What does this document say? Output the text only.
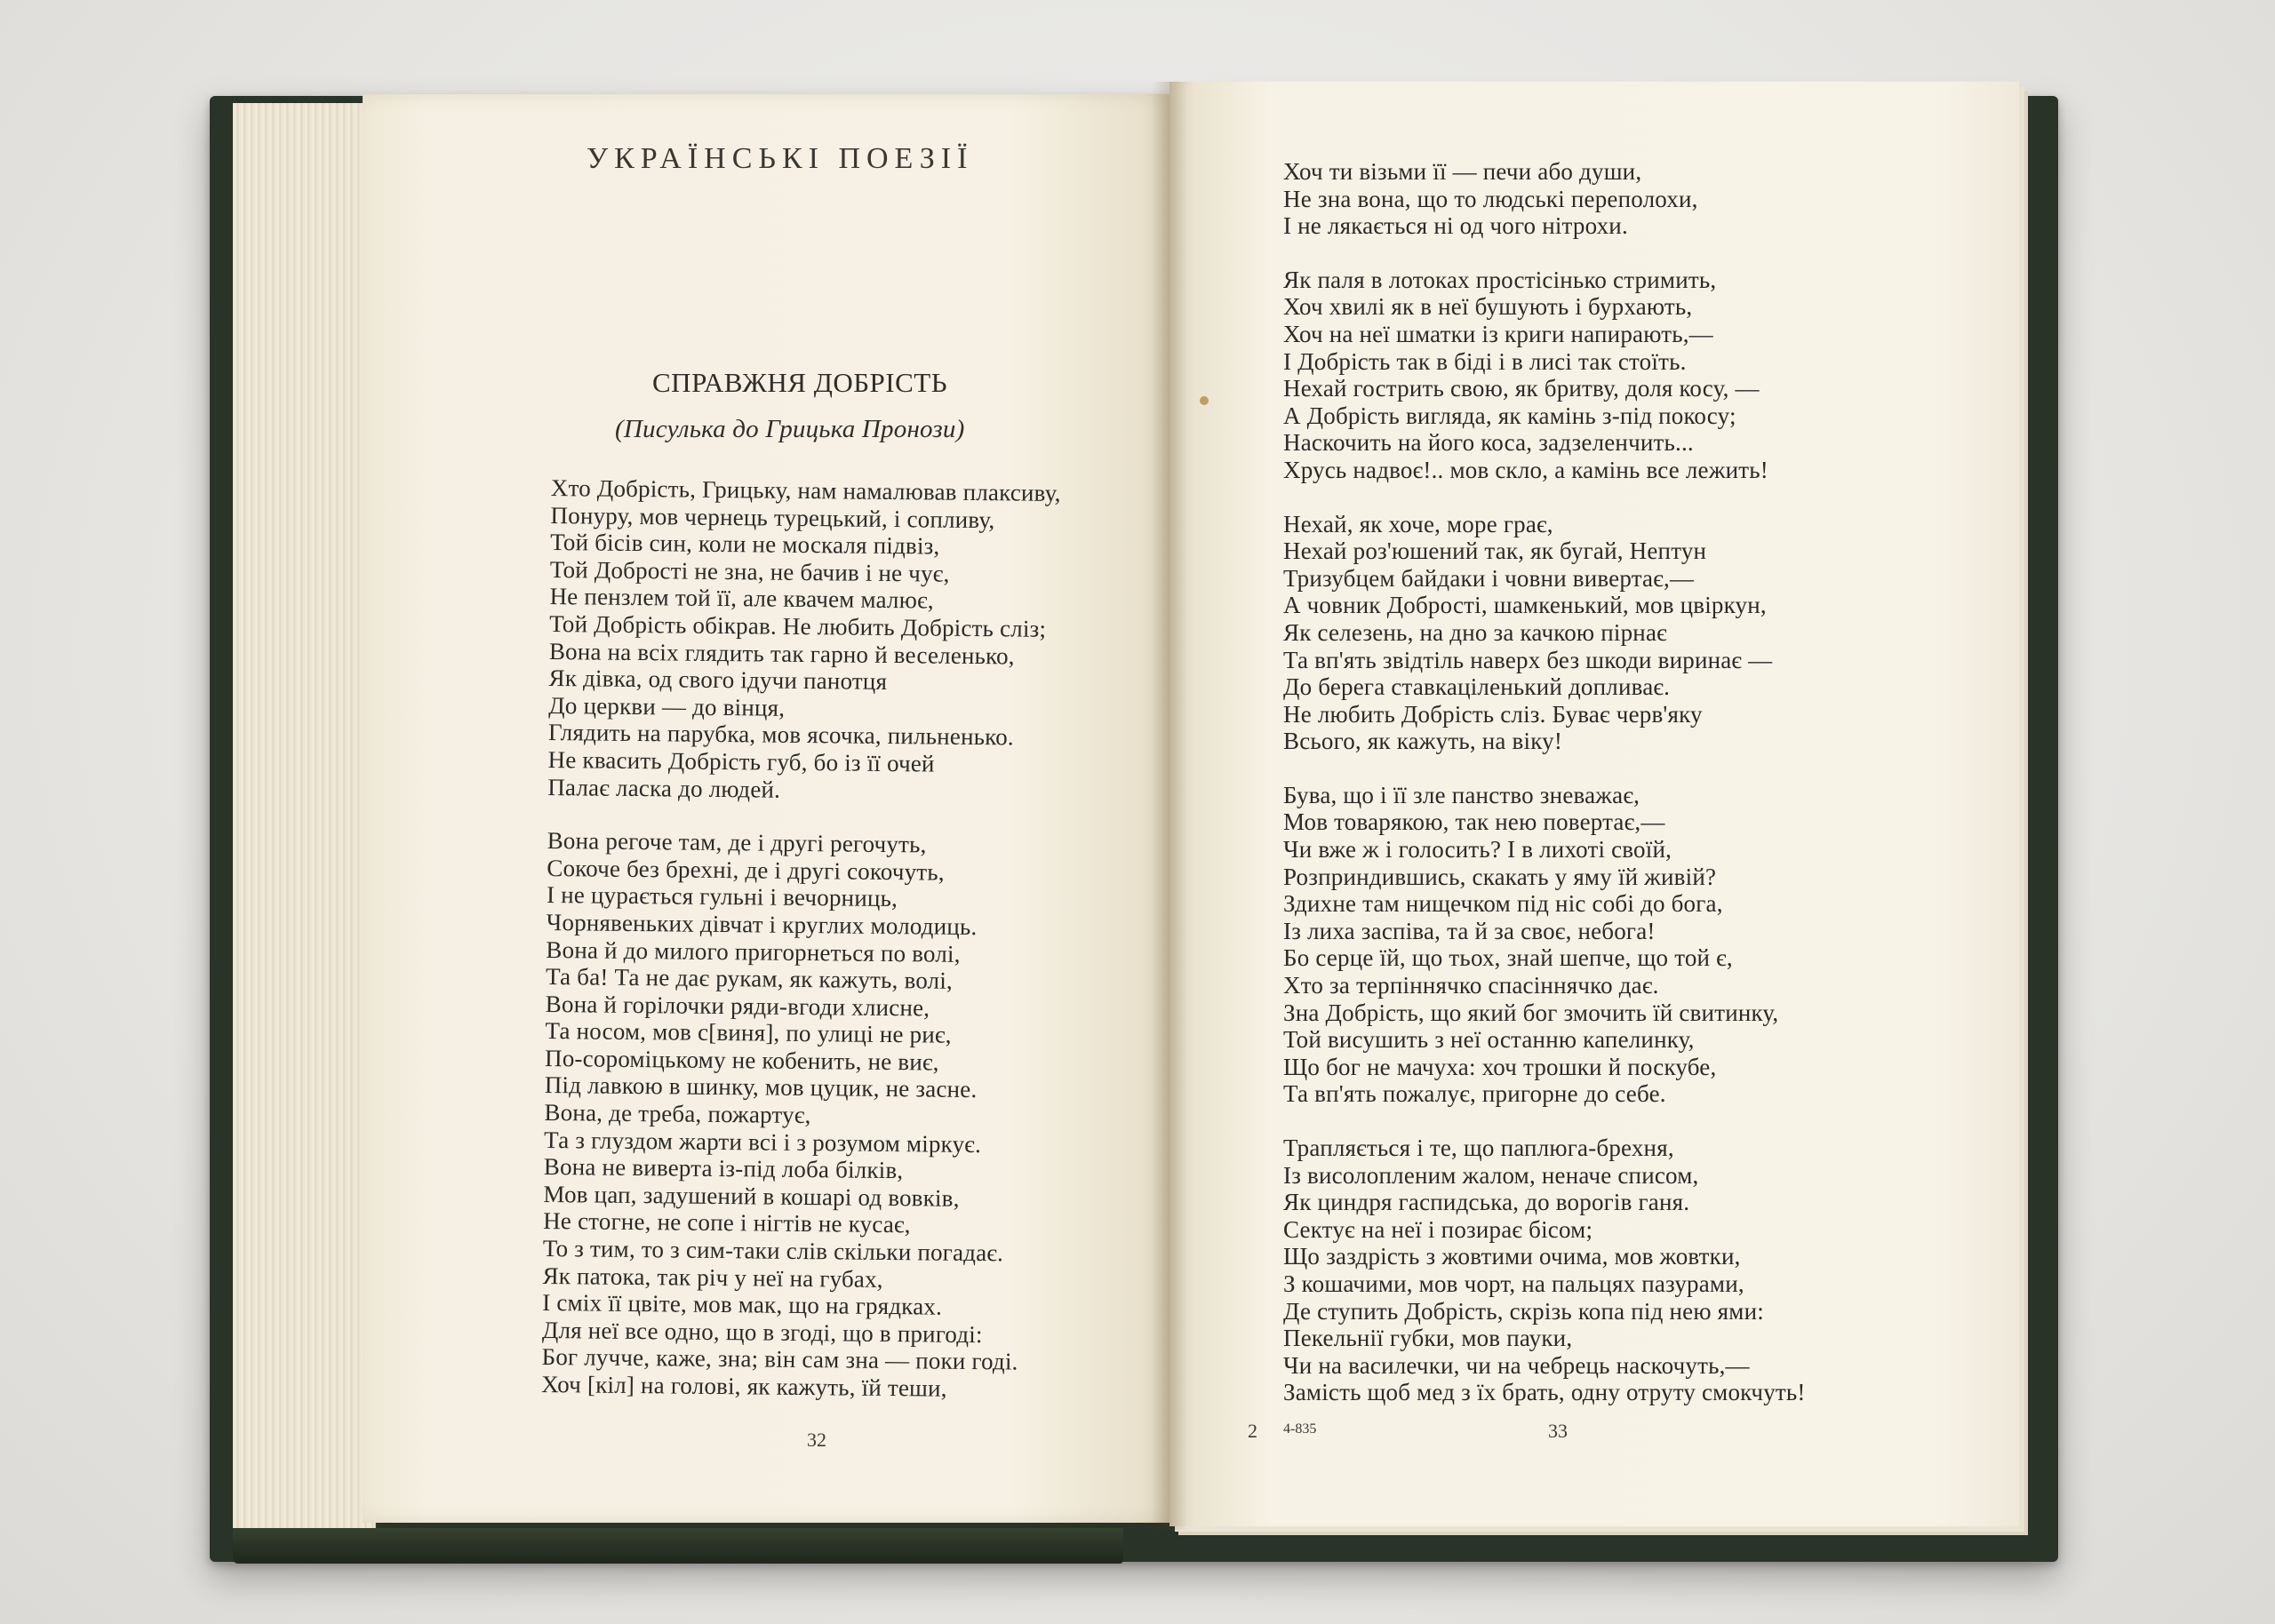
УКРАЇНСЬКІ ПОЕЗІЇ
СПРАВЖНЯ ДОБРІСТЬ
(Писулька до Грицька Пронози)
Хто Добрість, Грицьку, нам намалював плаксиву,
Понуру, мов чернець турецький, і сопливу,
Той бісів син, коли не москаля підвіз,
Той Доброcті не зна, не бачив і не чує,
Не пензлем той її, але квачем малює,
Той Добрість обікрав. Не любить Добрість сліз;
Вона на всіх глядить так гарно й веселенько,
Як дівка, од свого ідучи панотця
До церкви — до вінця,
Глядить на парубка, мов ясочка, пильненько.
Не квасить Добрість губ, бо із її очей
Палає ласка до людей.
Вона регоче там, де і другі регочуть,
Сокоче без брехні, де і другі сокочуть,
І не цурається гульні і вечорниць,
Чорнявеньких дівчат і круглих молодиць.
Вона й до милого пригорнеться по волі,
Та ба! Та не дає рукам, як кажуть, волі,
Вона й горілочки ряди-вгоди хлисне,
Та носом, мов с[виня], по улиці не риє,
По-сороміцькому не кобенить, не виє,
Під лавкою в шинку, мов цуцик, не засне.
Вона, де треба, пожартує,
Та з глуздом жарти всі і з розумом міркує.
Вона не виверта із-під лоба білків,
Мов цап, задушений в кошарі од вовків,
Не стогне, не сопе і нігтів не кусає,
То з тим, то з сим-таки слів скільки погадає.
Як патока, так річ у неї на губах,
І сміх її цвіте, мов мак, що на грядках.
Для неї все одно, що в згоді, що в пригоді:
Бог лучче, каже, зна; він сам зна — поки годі.
Хоч [кіл] на голові, як кажуть, їй теши,
Хоч ти візьми її — печи або души,
Не зна вона, що то людські переполохи,
І не лякається ні од чого нітрохи.
Як паля в лотоках простісінько стримить,
Хоч хвилі як в неї бушують і бурхають,
Хоч на неї шматки із криги напирають,—
І Добрість так в біді і в лисі так стоїть.
Нехай гострить свою, як бритву, доля косу, —
А Добрість вигляда, як камінь з-під покосу;
Наскочить на його коса, задзеленчить...
Хрусь надвоє!.. мов скло, а камінь все лежить!
Нехай, як хоче, море грає,
Нехай роз'юшений так, як бугай, Нептун
Тризубцем байдаки і човни вивертає,—
А човник Добрості, шамкенький, мов цвіркун,
Як селезень, на дно за качкою пірнає
Та вп'ять звідтіль наверх без шкоди виринає —
До берега ставкаціленький допливає.
Не любить Добрість сліз. Буває черв'яку
Всього, як кажуть, на віку!
Бува, що і її зле панство зневажає,
Мов товарякою, так нею повертає,—
Чи вже ж і голосить? І в лихоті своїй,
Розприндившись, скакать у яму їй живій?
Здихне там нищечком під ніс собі до бога,
Із лиха заспіва, та й за своє, небога!
Бо серце їй, що тьох, знай шепче, що той є,
Хто за терпіннячко спасіннячко дає.
Зна Добрість, що який бог змочить їй свитинку,
Той висушить з неї останню капелинку,
Що бог не мачуха: хоч трошки й поскубе,
Та вп'ять пожалує, пригорне до себе.
Трапляється і те, що паплюга-брехня,
Із висолопленим жалом, неначе списом,
Як циндря гаспидська, до ворогів ганя.
Сектує на неї і позирає бісом;
Що заздрість з жовтими очима, мов жовтки,
З кошачими, мов чорт, на пальцях пазурами,
Де ступить Добрість, скрізь копа під нею ями:
Пекельнії губки, мов пауки,
Чи на василечки, чи на чебрець наскочуть,—
Замість щоб мед з їх брать, одну отруту смокчуть!
32	2 4-835	33
